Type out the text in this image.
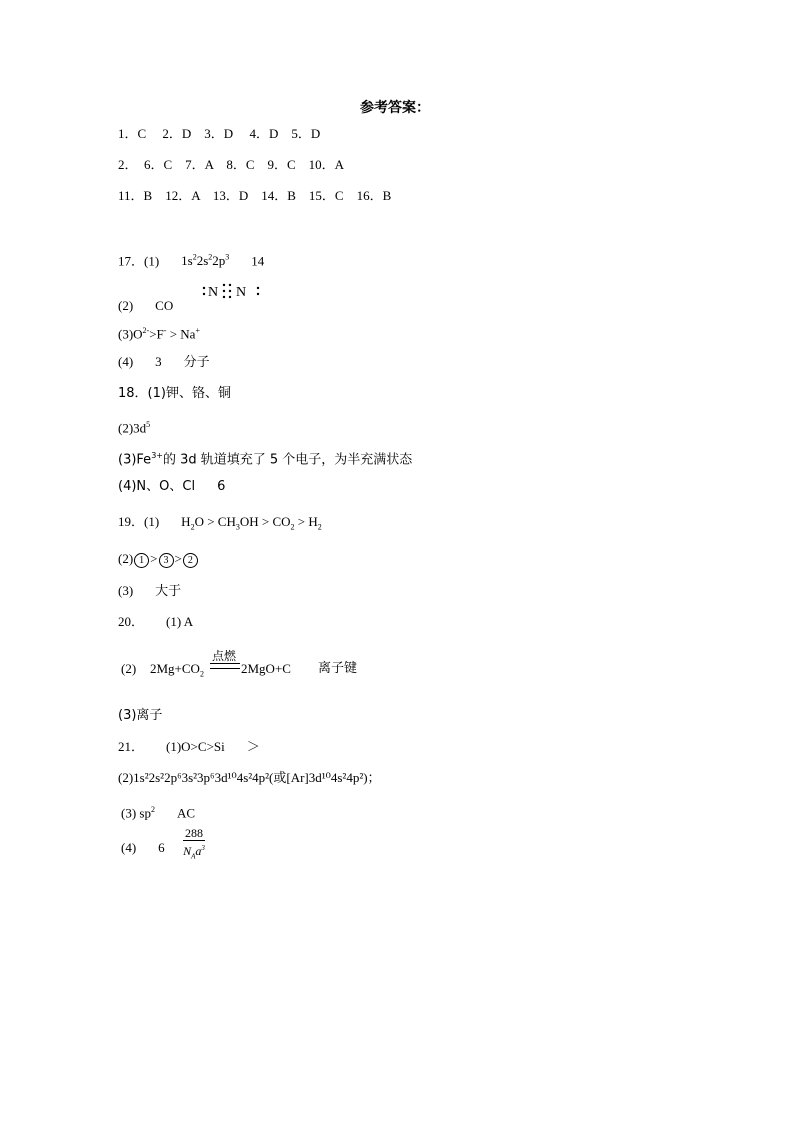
参考答案：
1．C　 2．D　3．D　 4．D　5．D
2．　6．C　7．A　8．C　9．C　10．A
11．B　12．A　13．D　14．B　15．C　16．B
17．(1) $1s^22s^22p^3$ 14
N N
(2) CO
$(3)O^{2-}>F^- > Na^+$
(4) 3 分子
18．(1)钾、铬、铜
$(2)3d^5$
$(3)Fe^{3+}$的 3d 轨道填充了 5 个电子，为半充满状态
(4)N、O、Cl 6
19．(1) $H_2O > CH_3OH > CO_2 > H_2$
(2) 1 > 3 > 2
(3) 大于
20． (1) A
(2) $2Mg+CO_2$
点燃
2MgO+C 离子键
(3)离子
21． (1)O>C>Si ＞
(2)1s²2s²2p⁶3s²3p⁶3d¹⁰4s²4p²(或[Ar]3d¹⁰4s²4p²)；
(3) $sp^2$ AC
(4) 6
288
$N_Aa^3$
